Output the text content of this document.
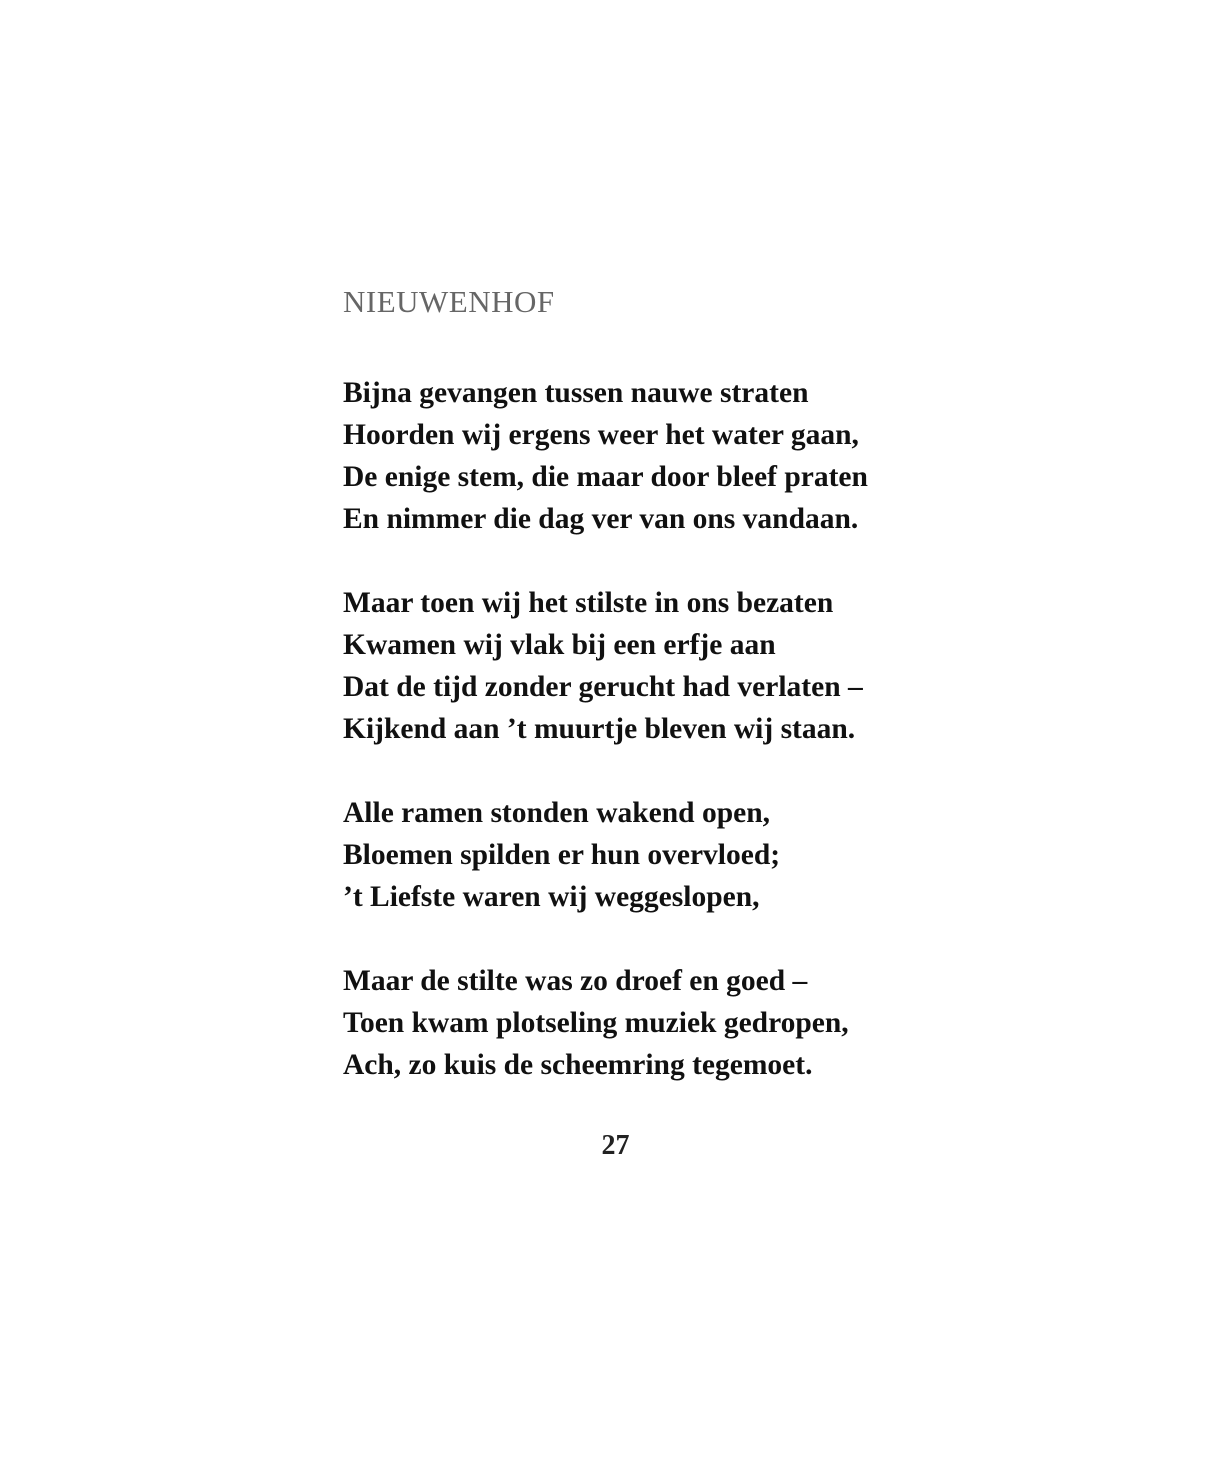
NIEUWENHOF
Bijna gevangen tussen nauwe straten
Hoorden wij ergens weer het water gaan,
De enige stem, die maar door bleef praten
En nimmer die dag ver van ons vandaan.
Maar toen wij het stilste in ons bezaten
Kwamen wij vlak bij een erfje aan
Dat de tijd zonder gerucht had verlaten –
Kijkend aan ’t muurtje bleven wij staan.
Alle ramen stonden wakend open,
Bloemen spilden er hun overvloed;
’t Liefste waren wij weggeslopen,
Maar de stilte was zo droef en goed –
Toen kwam plotseling muziek gedropen,
Ach, zo kuis de scheemring tegemoet.
27
